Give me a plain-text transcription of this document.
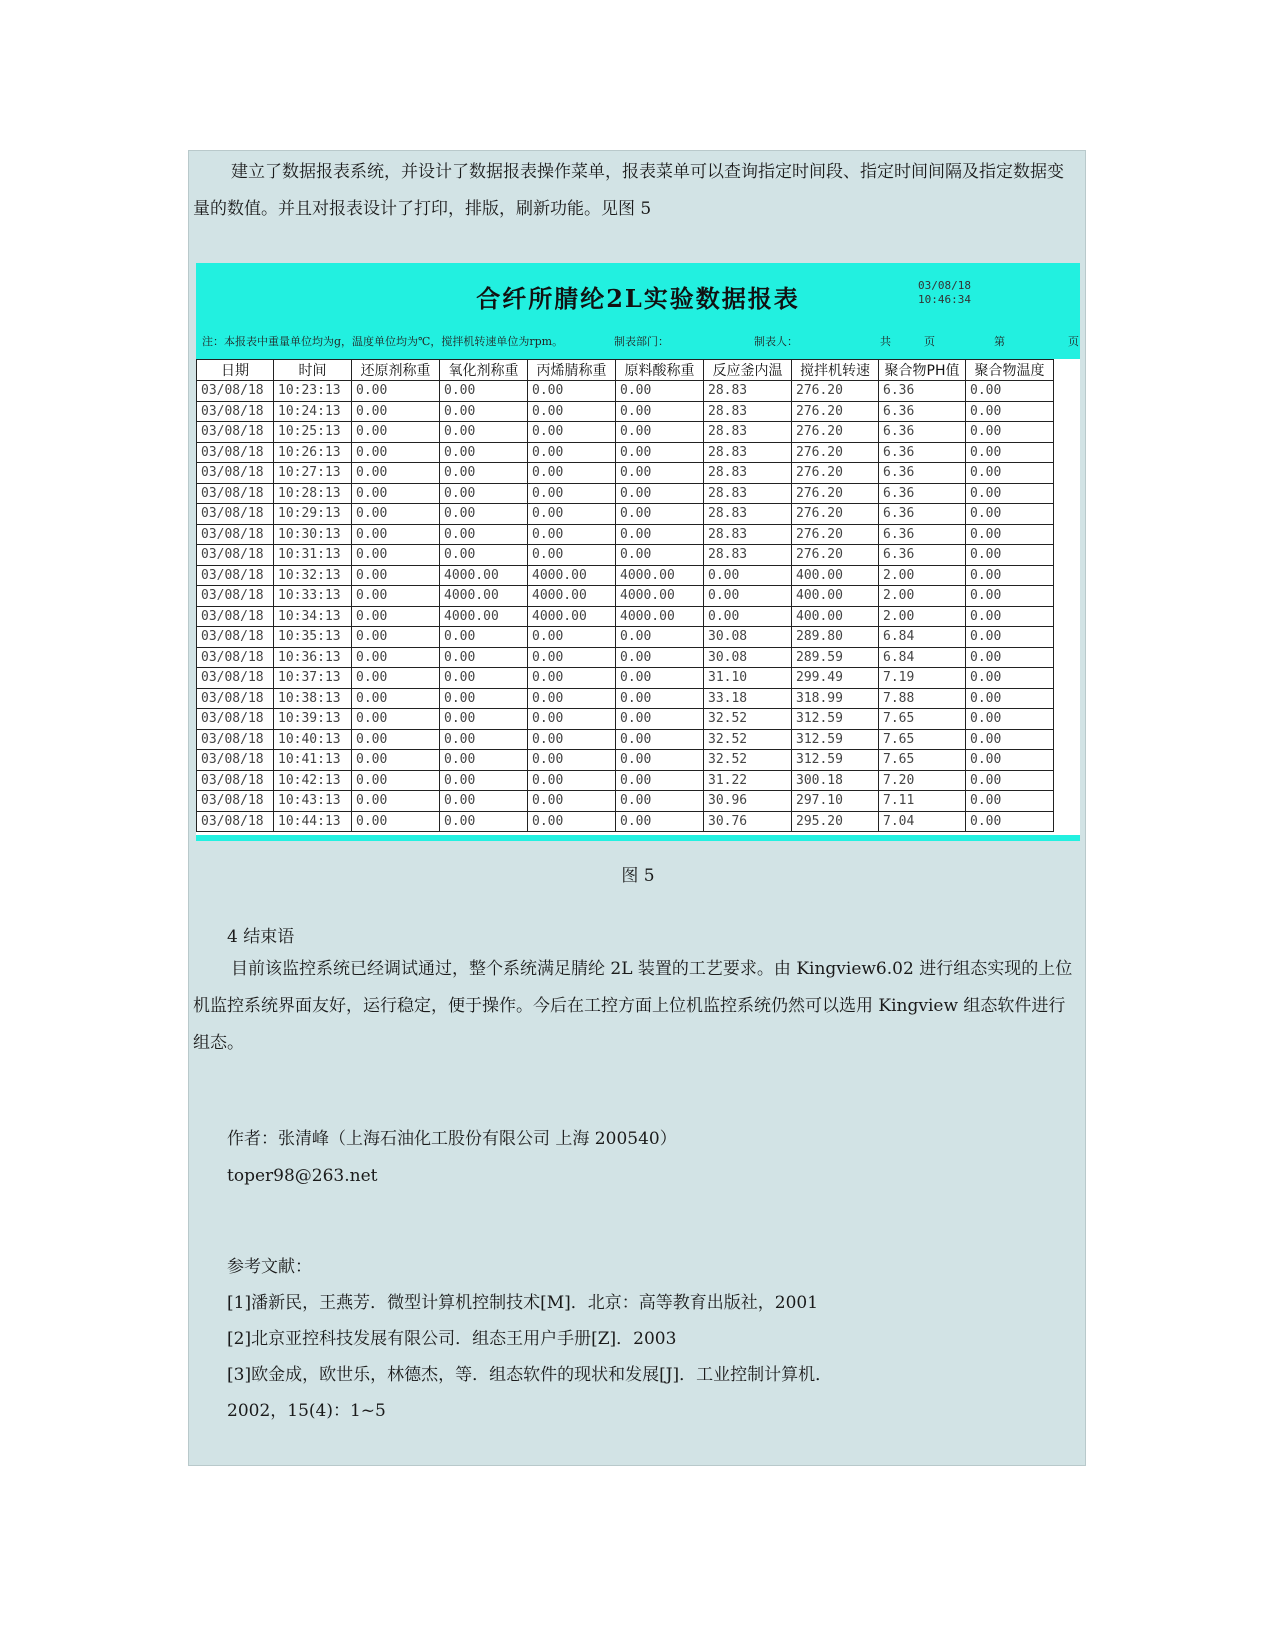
建立了数据报表系统，并设计了数据报表操作菜单，报表菜单可以查询指定时间段、指定时间间隔及指定数据变量的数值。并且对报表设计了打印，排版，刷新功能。见图 5

合纤所腈纶2L实验数据报表	03/08/18
10:46:34
注：本报表中重量单位均为g，温度单位均为℃，搅拌机转速单位为rpm。	制表部门：	制表人：	共	页	第	页
日期	时间	还原剂称重	氧化剂称重	丙烯腈称重	原料酸称重	反应釜内温	搅拌机转速	聚合物PH值	聚合物温度
03/08/18	10:23:13	0.00	0.00	0.00	0.00	28.83	276.20	6.36	0.00
03/08/18	10:24:13	0.00	0.00	0.00	0.00	28.83	276.20	6.36	0.00
03/08/18	10:25:13	0.00	0.00	0.00	0.00	28.83	276.20	6.36	0.00
03/08/18	10:26:13	0.00	0.00	0.00	0.00	28.83	276.20	6.36	0.00
03/08/18	10:27:13	0.00	0.00	0.00	0.00	28.83	276.20	6.36	0.00
03/08/18	10:28:13	0.00	0.00	0.00	0.00	28.83	276.20	6.36	0.00
03/08/18	10:29:13	0.00	0.00	0.00	0.00	28.83	276.20	6.36	0.00
03/08/18	10:30:13	0.00	0.00	0.00	0.00	28.83	276.20	6.36	0.00
03/08/18	10:31:13	0.00	0.00	0.00	0.00	28.83	276.20	6.36	0.00
03/08/18	10:32:13	0.00	4000.00	4000.00	4000.00	0.00	400.00	2.00	0.00
03/08/18	10:33:13	0.00	4000.00	4000.00	4000.00	0.00	400.00	2.00	0.00
03/08/18	10:34:13	0.00	4000.00	4000.00	4000.00	0.00	400.00	2.00	0.00
03/08/18	10:35:13	0.00	0.00	0.00	0.00	30.08	289.80	6.84	0.00
03/08/18	10:36:13	0.00	0.00	0.00	0.00	30.08	289.59	6.84	0.00
03/08/18	10:37:13	0.00	0.00	0.00	0.00	31.10	299.49	7.19	0.00
03/08/18	10:38:13	0.00	0.00	0.00	0.00	33.18	318.99	7.88	0.00
03/08/18	10:39:13	0.00	0.00	0.00	0.00	32.52	312.59	7.65	0.00
03/08/18	10:40:13	0.00	0.00	0.00	0.00	32.52	312.59	7.65	0.00
03/08/18	10:41:13	0.00	0.00	0.00	0.00	32.52	312.59	7.65	0.00
03/08/18	10:42:13	0.00	0.00	0.00	0.00	31.22	300.18	7.20	0.00
03/08/18	10:43:13	0.00	0.00	0.00	0.00	30.96	297.10	7.11	0.00
03/08/18	10:44:13	0.00	0.00	0.00	0.00	30.76	295.20	7.04	0.00
图 5

4 结束语

目前该监控系统已经调试通过，整个系统满足腈纶 2L 装置的工艺要求。由 Kingview6.02 进行组态实现的上位机监控系统界面友好，运行稳定，便于操作。今后在工控方面上位机监控系统仍然可以选用 Kingview 组态软件进行组态。

作者：张清峰（上海石油化工股份有限公司 上海 200540）

toper98@263.net

参考文献：

[1]潘新民，王燕芳．微型计算机控制技术[M]．北京：高等教育出版社，2001

[2]北京亚控科技发展有限公司．组态王用户手册[Z]．2003

[3]欧金成，欧世乐，林德杰，等．组态软件的现状和发展[J]．工业控制计算机．

2002，15(4)：1~5
